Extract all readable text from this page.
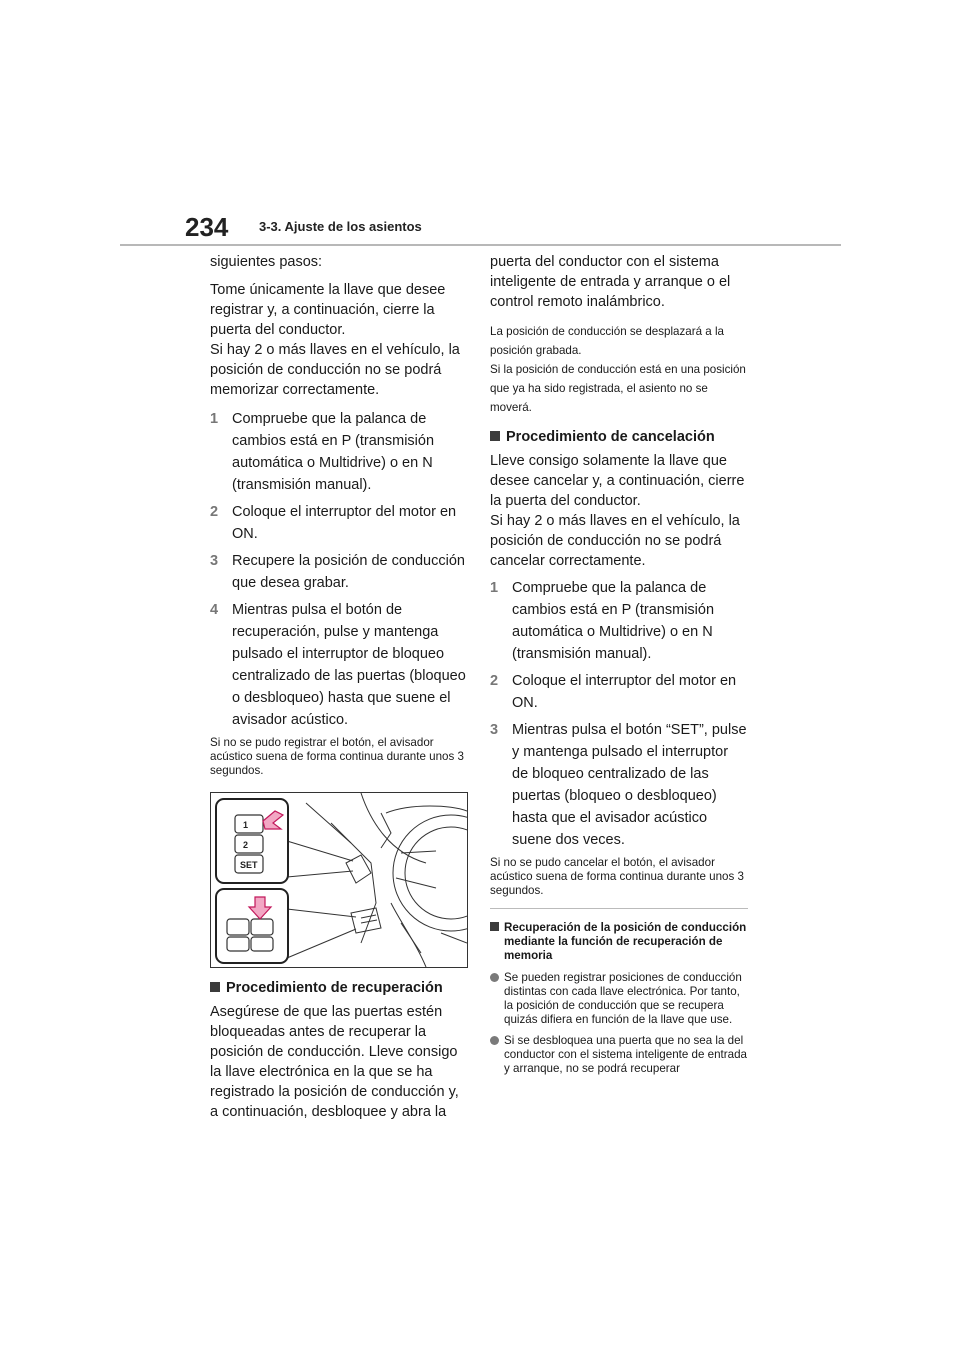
234 3-3. Ajuste de los asientos

siguientes pasos:

Tome únicamente la llave que desee registrar y, a continuación, cierre la puerta del conductor.

Si hay 2 o más llaves en el vehículo, la posición de conducción no se podrá memorizar correctamente.

1 Compruebe que la palanca de cambios está en P (transmisión automática o Multidrive) o en N (transmisión manual).
2 Coloque el interruptor del motor en ON.
3 Recupere la posición de conducción que desea grabar.
4 Mientras pulsa el botón de recuperación, pulse y mantenga pulsado el interruptor de bloqueo centralizado de las puertas (bloqueo o desbloqueo) hasta que suene el avisador acústico.

Si no se pudo registrar el botón, el avisador acústico suena de forma continua durante unos 3 segundos.

1
2
SET
Procedimiento de recuperación

Asegúrese de que las puertas estén bloqueadas antes de recuperar la posición de conducción. Lleve consigo la llave electrónica en la que se ha registrado la posición de conducción y, a continuación, desbloquee y abra la

puerta del conductor con el sistema inteligente de entrada y arranque o el control remoto inalámbrico.

La posición de conducción se desplazará a la posición grabada.

Si la posición de conducción está en una posición que ya ha sido registrada, el asiento no se moverá.

Procedimiento de cancelación

Lleve consigo solamente la llave que desee cancelar y, a continuación, cierre la puerta del conductor.

Si hay 2 o más llaves en el vehículo, la posición de conducción no se podrá cancelar correctamente.

1 Compruebe que la palanca de cambios está en P (transmisión automática o Multidrive) o en N (transmisión manual).
2 Coloque el interruptor del motor en ON.
3 Mientras pulsa el botón “SET”, pulse y mantenga pulsado el interruptor de bloqueo centralizado de las puertas (bloqueo o desbloqueo) hasta que el avisador acústico suene dos veces.

Si no se pudo cancelar el botón, el avisador acústico suena de forma continua durante unos 3 segundos.

Recuperación de la posición de conducción mediante la función de recuperación de memoria
Se pueden registrar posiciones de conducción distintas con cada llave electrónica. Por tanto, la posición de conducción que se recupera quizás difiera en función de la llave que use.
Si se desbloquea una puerta que no sea la del conductor con el sistema inteligente de entrada y arranque, no se podrá recuperar
